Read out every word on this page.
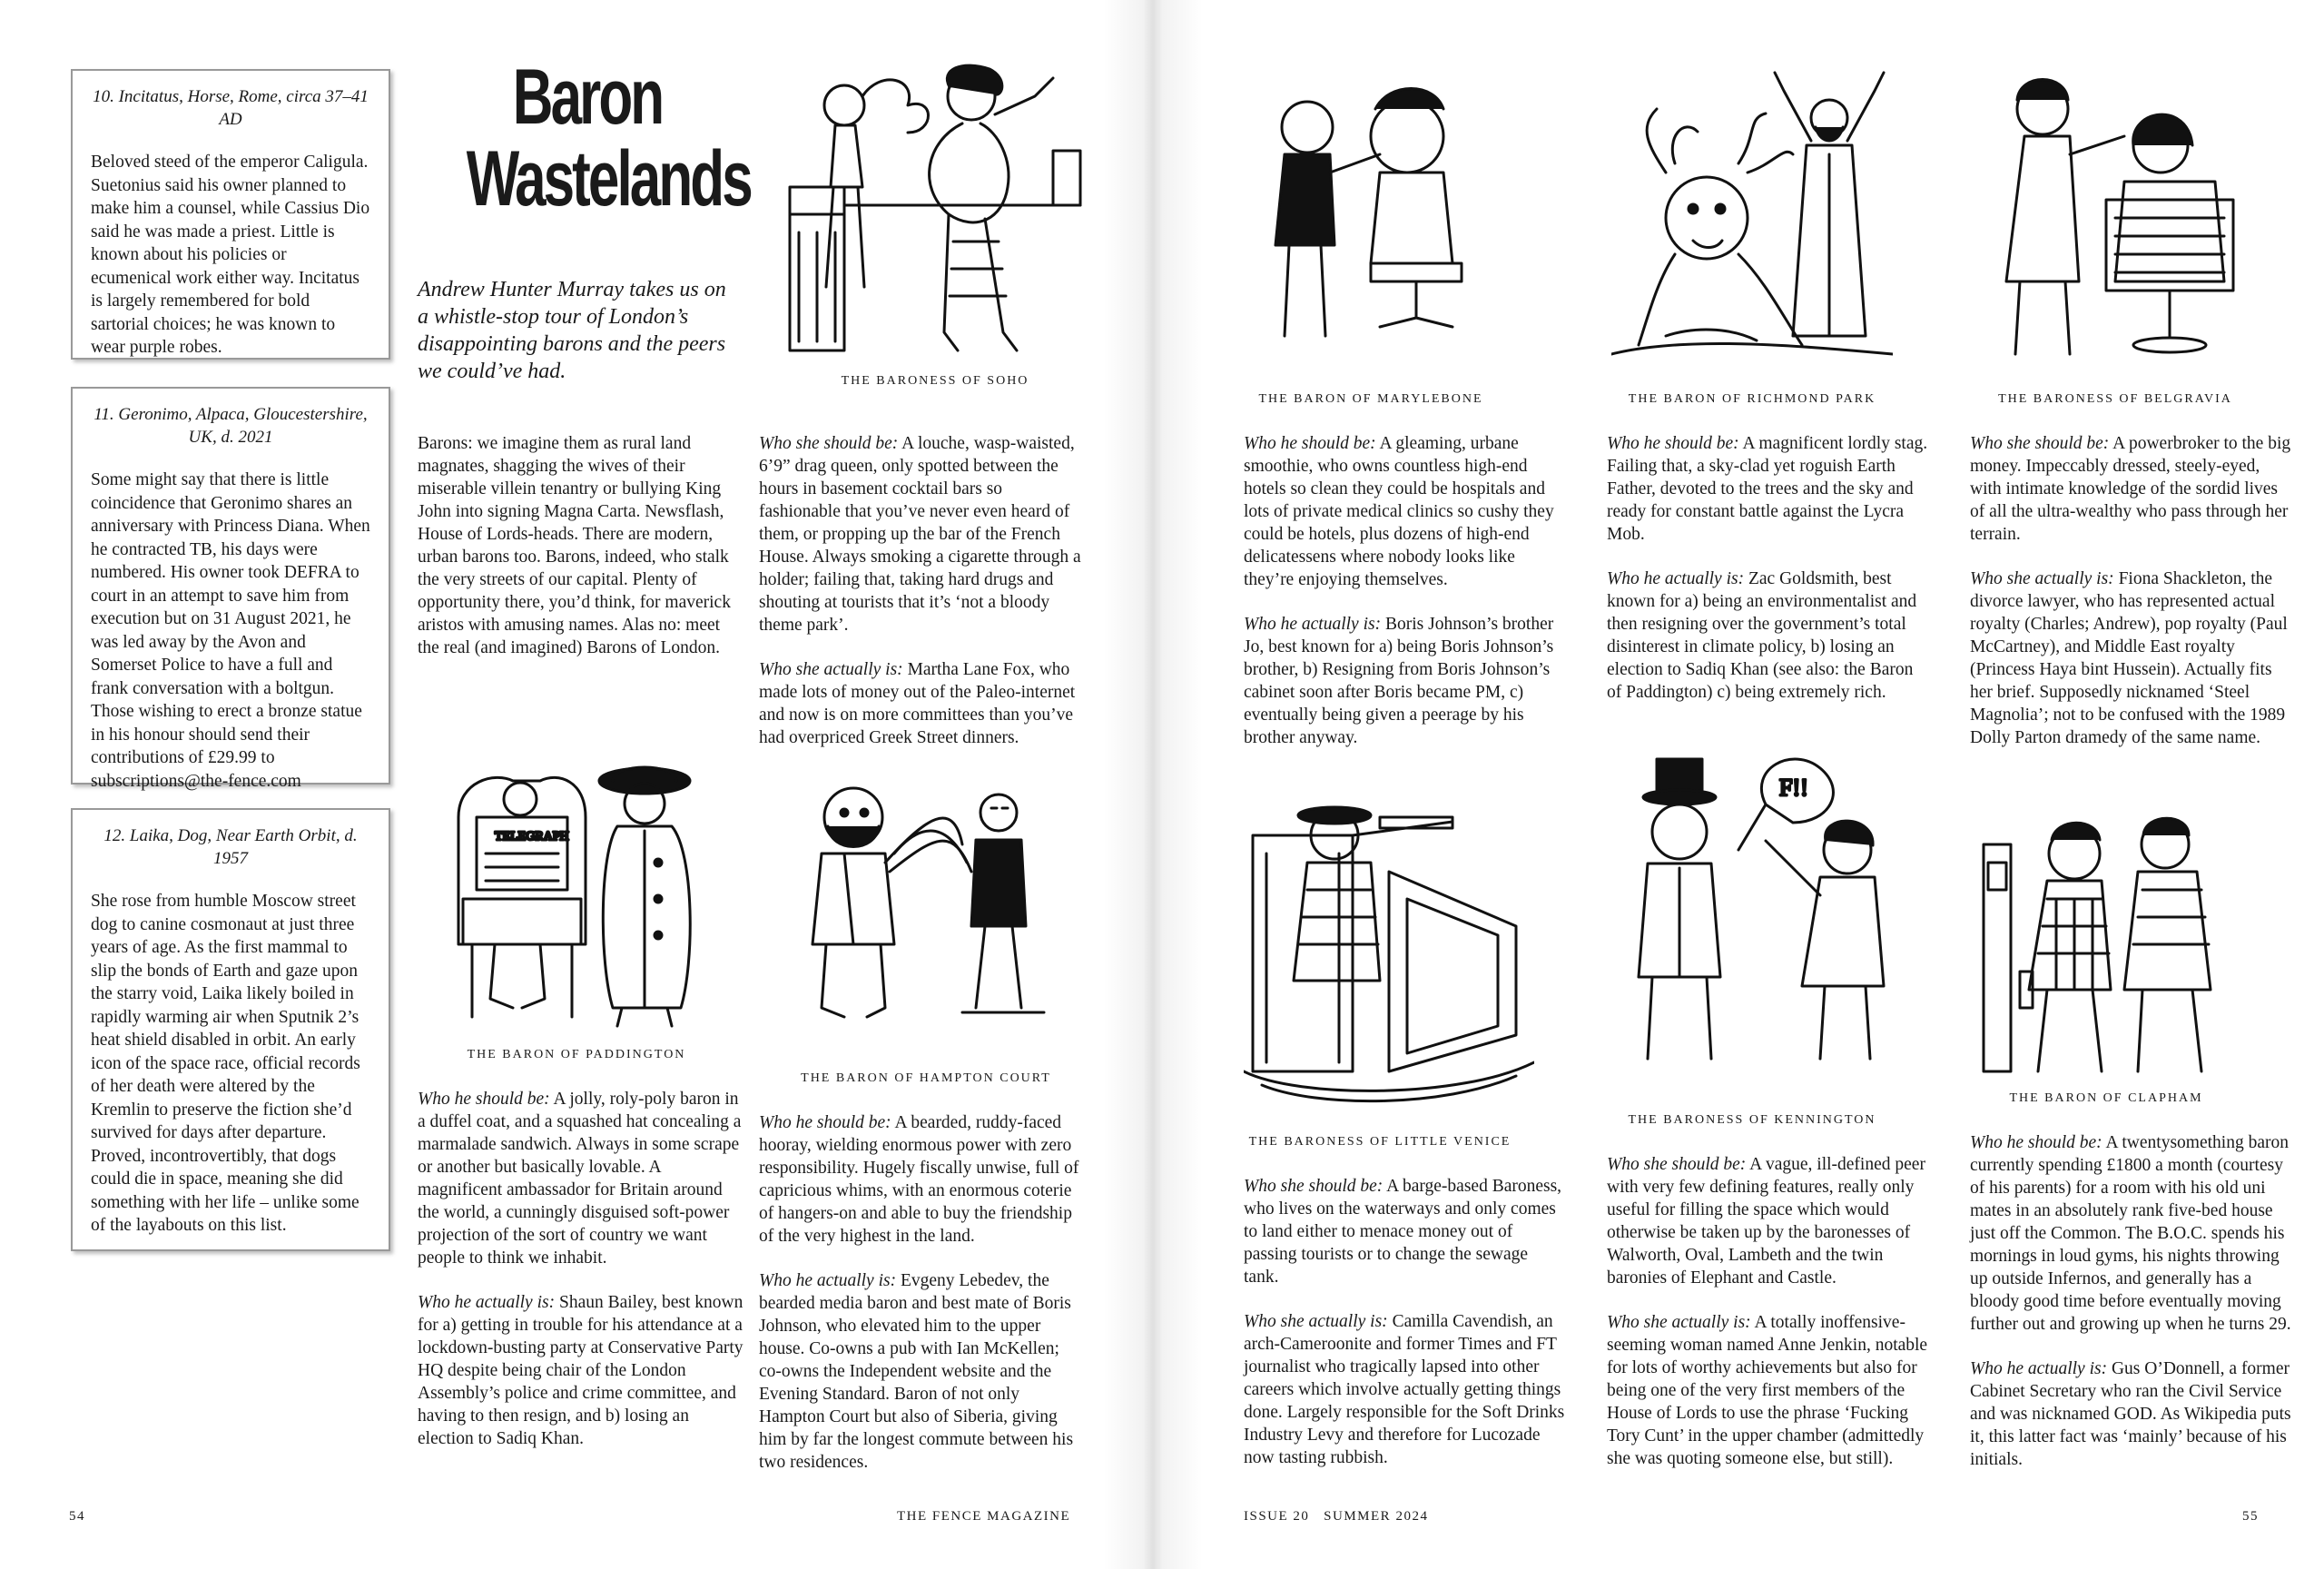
10. Incitatus, Horse, Rome, circa 37–41 AD

Beloved steed of the emperor Caligula. Suetonius said his owner planned to make him a counsel, while Cassius Dio said he was made a priest. Little is known about his policies or ecumenical work either way. Incitatus is largely remembered for bold sartorial choices; he was known to wear purple robes.

11. Geronimo, Alpaca, Gloucestershire, UK, d. 2021

Some might say that there is little coincidence that Geronimo shares an anniversary with Princess Diana. When he contracted TB, his days were numbered. His owner took DEFRA to court in an attempt to save him from execution but on 31 August 2021, he was led away by the Avon and Somerset Police to have a full and frank conversation with a boltgun. Those wishing to erect a bronze statue in his honour should send their contributions of £29.99 to subscriptions@the-fence.com

12. Laika, Dog, Near Earth Orbit, d. 1957

She rose from humble Moscow street dog to canine cosmonaut at just three years of age. As the first mammal to slip the bonds of Earth and gaze upon the starry void, Laika likely boiled in rapidly warming air when Sputnik 2’s heat shield disabled in orbit. An early icon of the space race, official records of her death were altered by the Kremlin to preserve the fiction she’d survived for days after departure. Proved, incontrovertibly, that dogs could die in space, meaning she did something with her life – unlike some of the layabouts on this list.

Baron
Wastelands

Andrew Hunter Murray takes us on a whistle-stop tour of London’s disappointing barons and the peers we could’ve had.

Barons: we imagine them as rural land magnates, shagging the wives of their miserable villein tenantry or bullying King John into signing Magna Carta. Newsflash, House of Lords-heads. There are modern, urban barons too. Barons, indeed, who stalk the very streets of our capital. Plenty of opportunity there, you’d think, for maverick aristos with amusing names. Alas no: meet the real (and imagined) Barons of London.

THE BARONESS OF SOHO

Who she should be: A louche, wasp-waisted, 6’9” drag queen, only spotted between the hours in basement cocktail bars so fashionable that you’ve never even heard of them, or propping up the bar of the French House. Always smoking a cigarette through a holder; failing that, taking hard drugs and shouting at tourists that it’s ‘not a bloody theme park’.

Who she actually is: Martha Lane Fox, who made lots of money out of the Paleo-internet and now is on more committees than you’ve had overpriced Greek Street dinners.

TELEGRAPH
THE BARON OF PADDINGTON

Who he should be: A jolly, roly-poly baron in a duffel coat, and a squashed hat concealing a marmalade sandwich. Always in some scrape or another but basically lovable. A magnificent ambassador for Britain around the world, a cunningly disguised soft-power projection of the sort of country we want people to think we inhabit.

Who he actually is: Shaun Bailey, best known for a) getting in trouble for his attendance at a lockdown-busting party at Conservative Party HQ despite being chair of the London Assembly’s police and crime committee, and having to then resign, and b) losing an election to Sadiq Khan.

THE BARON OF HAMPTON COURT

Who he should be: A bearded, ruddy-faced hooray, wielding enormous power with zero responsibility. Hugely fiscally unwise, full of capricious whims, with an enormous coterie of hangers-on and able to buy the friendship of the very highest in the land.

Who he actually is: Evgeny Lebedev, the bearded media baron and best mate of Boris Johnson, who elevated him to the upper house. Co-owns a pub with Ian McKellen; co-owns the Independent website and the Evening Standard. Baron of not only Hampton Court but also of Siberia, giving him by far the longest commute between his two residences.

54	THE FENCE MAGAZINE
THE BARON OF MARYLEBONE

Who he should be: A gleaming, urbane smoothie, who owns countless high-end hotels so clean they could be hospitals and lots of private medical clinics so cushy they could be hotels, plus dozens of high-end delicatessens where nobody looks like they’re enjoying themselves.

Who he actually is: Boris Johnson’s brother Jo, best known for a) being Boris Johnson’s brother, b) Resigning from Boris Johnson’s cabinet soon after Boris became PM, c) eventually being given a peerage by his brother anyway.

THE BARON OF RICHMOND PARK

Who he should be: A magnificent lordly stag. Failing that, a sky-clad yet roguish Earth Father, devoted to the trees and the sky and ready for constant battle against the Lycra Mob.

Who he actually is: Zac Goldsmith, best known for a) being an environmentalist and then resigning over the government’s total disinterest in climate policy, b) losing an election to Sadiq Khan (see also: the Baron of Paddington) c) being extremely rich.

THE BARONESS OF BELGRAVIA

Who she should be: A powerbroker to the big money. Impeccably dressed, steely-eyed, with intimate knowledge of the sordid lives of all the ultra-wealthy who pass through her terrain.

Who she actually is: Fiona Shackleton, the divorce lawyer, who has represented actual royalty (Charles; Andrew), pop royalty (Paul McCartney), and Middle East royalty (Princess Haya bint Hussein). Actually fits her brief. Supposedly nicknamed ‘Steel Magnolia’; not to be confused with the 1989 Dolly Parton dramedy of the same name.

THE BARONESS OF LITTLE VENICE

Who she should be: A barge-based Baroness, who lives on the waterways and only comes to land either to menace money out of passing tourists or to change the sewage tank.

Who she actually is: Camilla Cavendish, an arch-Cameroonite and former Times and FT journalist who tragically lapsed into other careers which involve actually getting things done. Largely responsible for the Soft Drinks Industry Levy and therefore for Lucozade now tasting rubbish.

F!!
THE BARONESS OF KENNINGTON

Who she should be: A vague, ill-defined peer with very few defining features, really only useful for filling the space which would otherwise be taken up by the baronesses of Walworth, Oval, Lambeth and the twin baronies of Elephant and Castle.

Who she actually is: A totally inoffensive-seeming woman named Anne Jenkin, notable for lots of worthy achievements but also for being one of the very first members of the House of Lords to use the phrase ‘Fucking Tory Cunt’ in the upper chamber (admittedly she was quoting someone else, but still).

THE BARON OF CLAPHAM

Who he should be: A twentysomething baron currently spending £1800 a month (courtesy of his parents) for a room with his old uni mates in an absolutely rank five-bed house just off the Common. The B.O.C. spends his mornings in loud gyms, his nights throwing up outside Infernos, and generally has a bloody good time before eventually moving further out and growing up when he turns 29.

Who he actually is: Gus O’Donnell, a former Cabinet Secretary who ran the Civil Service and was nicknamed GOD. As Wikipedia puts it, this latter fact was ‘mainly’ because of his initials.

ISSUE 20   SUMMER 2024	55
